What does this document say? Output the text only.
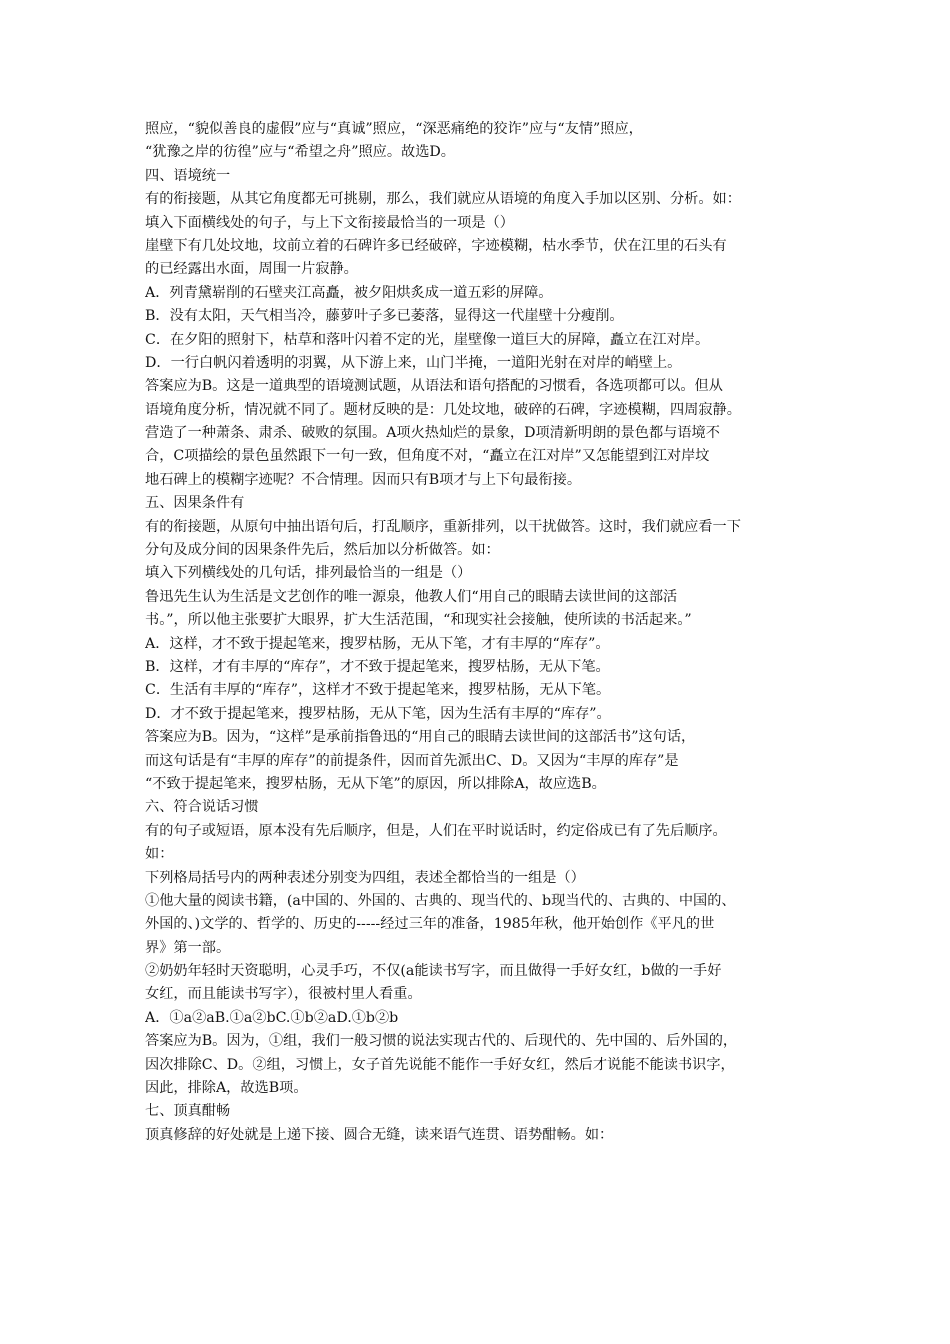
照应，“貌似善良的虚假”应与“真诚”照应，“深恶痛绝的狡诈”应与“友情”照应，
“犹豫之岸的彷徨”应与“希望之舟”照应。故选D。
四、语境统一
有的衔接题，从其它角度都无可挑剔，那么，我们就应从语境的角度入手加以区别、分析。如：
填入下面横线处的句子，与上下文衔接最恰当的一项是（）
崖壁下有几处坟地，坟前立着的石碑许多已经破碎，字迹模糊，枯水季节，伏在江里的石头有
的已经露出水面，周围一片寂静。
A．列青黛崭削的石壁夹江高矗，被夕阳烘炙成一道五彩的屏障。
B．没有太阳，天气相当冷，藤萝叶子多已萎落，显得这一代崖壁十分瘦削。
C．在夕阳的照射下，枯草和落叶闪着不定的光，崖壁像一道巨大的屏障，矗立在江对岸。
D．一行白帆闪着透明的羽翼，从下游上来，山门半掩，一道阳光射在对岸的峭壁上。
答案应为B。这是一道典型的语境测试题，从语法和语句搭配的习惯看，各选项都可以。但从
语境角度分析，情况就不同了。题材反映的是：几处坟地，破碎的石碑，字迹模糊，四周寂静。
营造了一种萧条、肃杀、破败的氛围。A项火热灿烂的景象，D项清新明朗的景色都与语境不
合，C项描绘的景色虽然跟下一句一致，但角度不对，“矗立在江对岸”又怎能望到江对岸坟
地石碑上的模糊字迹呢？不合情理。因而只有B项才与上下句最衔接。
五、因果条件有
有的衔接题，从原句中抽出语句后，打乱顺序，重新排列，以干扰做答。这时，我们就应看一下
分句及成分间的因果条件先后，然后加以分析做答。如：
填入下列横线处的几句话，排列最恰当的一组是（）
鲁迅先生认为生活是文艺创作的唯一源泉，他教人们“用自己的眼睛去读世间的这部活
书。”，所以他主张要扩大眼界，扩大生活范围，“和现实社会接触，使所读的书活起来。”
A．这样，才不致于提起笔来，搜罗枯肠，无从下笔，才有丰厚的“库存”。
B．这样，才有丰厚的“库存”，才不致于提起笔来，搜罗枯肠，无从下笔。
C．生活有丰厚的“库存”，这样才不致于提起笔来，搜罗枯肠，无从下笔。
D．才不致于提起笔来，搜罗枯肠，无从下笔，因为生活有丰厚的“库存”。
答案应为B。因为，“这样”是承前指鲁迅的“用自己的眼睛去读世间的这部活书”这句话，
而这句话是有“丰厚的库存”的前提条件，因而首先派出C、D。又因为“丰厚的库存”是
“不致于提起笔来，搜罗枯肠，无从下笔”的原因，所以排除A，故应选B。
六、符合说话习惯
有的句子或短语，原本没有先后顺序，但是，人们在平时说话时，约定俗成已有了先后顺序。
如：
下列格局括号内的两种表述分别变为四组，表述全都恰当的一组是（）
①他大量的阅读书籍，(a中国的、外国的、古典的、现当代的、b现当代的、古典的、中国的、
外国的、)文学的、哲学的、历史的-----经过三年的准备，1985年秋，他开始创作《平凡的世
界》第一部。
②奶奶年轻时天资聪明，心灵手巧，不仅(a能读书写字，而且做得一手好女红，b做的一手好
女红，而且能读书写字），很被村里人看重。
A．①a②aB.①a②bC.①b②aD.①b②b
答案应为B。因为，①组，我们一般习惯的说法实现古代的、后现代的、先中国的、后外国的，
因次排除C、D。②组，习惯上，女子首先说能不能作一手好女红，然后才说能不能读书识字，
因此，排除A，故选B项。
七、顶真酣畅
顶真修辞的好处就是上递下接、圆合无缝，读来语气连贯、语势酣畅。如：
